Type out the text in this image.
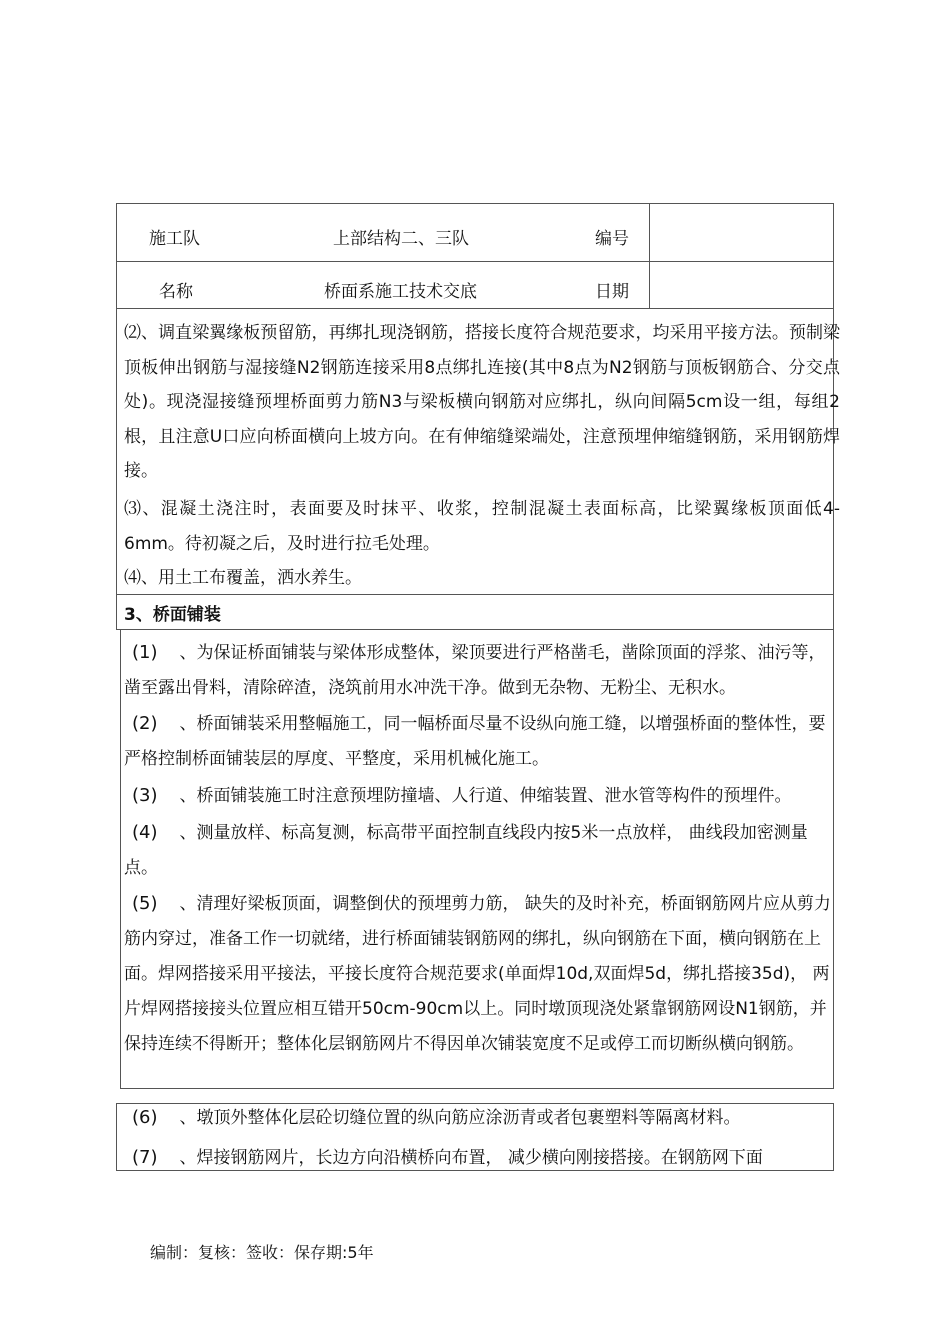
施工队	上部结构二、三队	编号
名称	桥面系施工技术交底	日期
⑵、调直梁翼缘板预留筋，再绑扎现浇钢筋，搭接长度符合规范要求，均采用平接方法。预制梁顶板伸出钢筋与湿接缝N2钢筋连接采用8点绑扎连接(其中8点为N2钢筋与顶板钢筋合、分交点处)。现浇湿接缝预埋桥面剪力筋N3与梁板横向钢筋对应绑扎，纵向间隔5cm设一组，每组2根，且注意U口应向桥面横向上坡方向。在有伸缩缝梁端处，注意预埋伸缩缝钢筋，采用钢筋焊接。
⑶、混凝土浇注时，表面要及时抹平、收浆，控制混凝土表面标高，比梁翼缘板顶面低4-6mm。待初凝之后，及时进行拉毛处理。
⑷、用土工布覆盖，洒水养生。
3、桥面铺装
(1) 、为保证桥面铺装与梁体形成整体，梁顶要进行严格凿毛，凿除顶面的浮浆、油污等，凿至露出骨料，清除碎渣，浇筑前用水冲洗干净。做到无杂物、无粉尘、无积水。
(2) 、桥面铺装采用整幅施工，同一幅桥面尽量不设纵向施工缝，以增强桥面的整体性，要严格控制桥面铺装层的厚度、平整度，采用机械化施工。
(3) 、桥面铺装施工时注意预埋防撞墙、人行道、伸缩装置、泄水管等构件的预埋件。
(4) 、测量放样、标高复测，标高带平面控制直线段内按5米一点放样， 曲线段加密测量点。
(5) 、清理好梁板顶面，调整倒伏的预埋剪力筋， 缺失的及时补充，桥面钢筋网片应从剪力筋内穿过，准备工作一切就绪，进行桥面铺装钢筋网的绑扎，纵向钢筋在下面，横向钢筋在上面。焊网搭接采用平接法，平接长度符合规范要求(单面焊10d,双面焊5d，绑扎搭接35d)， 两片焊网搭接接头位置应相互错开50cm-90cm以上。同时墩顶现浇处紧靠钢筋网设N1钢筋，并保持连续不得断开；整体化层钢筋网片不得因单次铺装宽度不足或停工而切断纵横向钢筋。
(6) 、墩顶外整体化层砼切缝位置的纵向筋应涂沥青或者包裹塑料等隔离材料。
(7) 、焊接钢筋网片，长边方向沿横桥向布置， 减少横向刚接搭接。在钢筋网下面
编制：复核：签收：保存期:5年
